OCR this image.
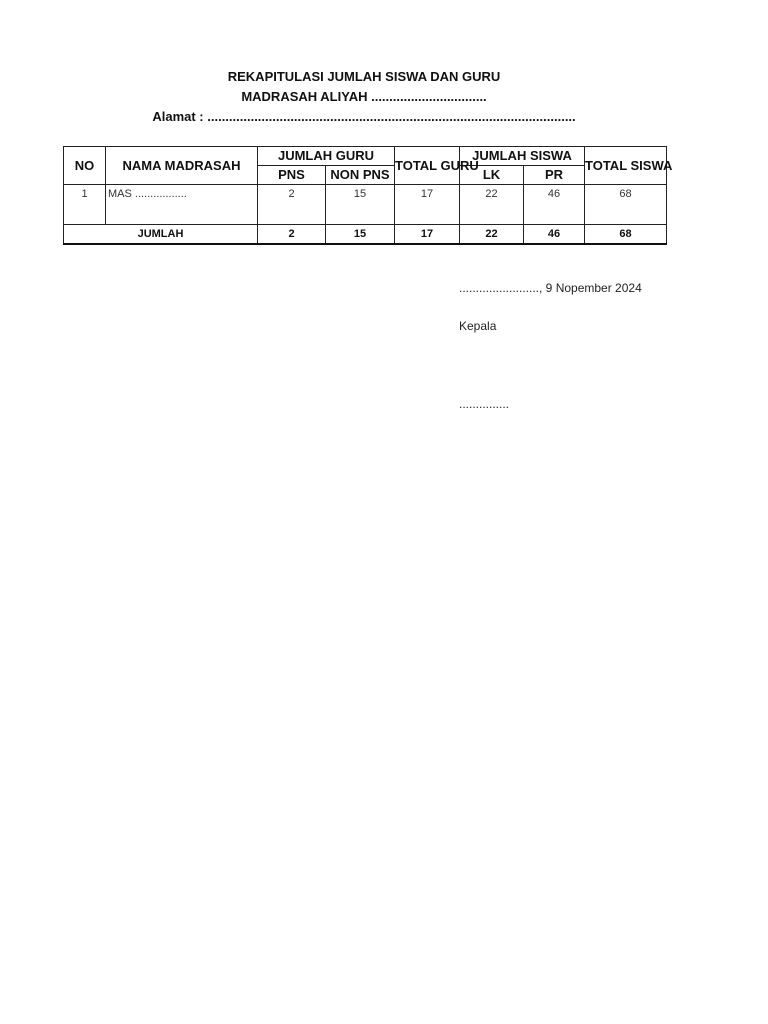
REKAPITULASI JUMLAH SISWA DAN GURU
MADRASAH ALIYAH ................................
Alamat : ......................................................................................................
NO	NAMA MADRASAH	JUMLAH GURU		TOTAL GURU	JUMLAH SISWA		TOTAL SISWA
		PNS	NON PNS		LK	PR	
1	MAS .................	2	15	17	22	46	68
JUMLAH		2	15	17	22	46	68
........................, 9 Nopember 2024
Kepala
...............
